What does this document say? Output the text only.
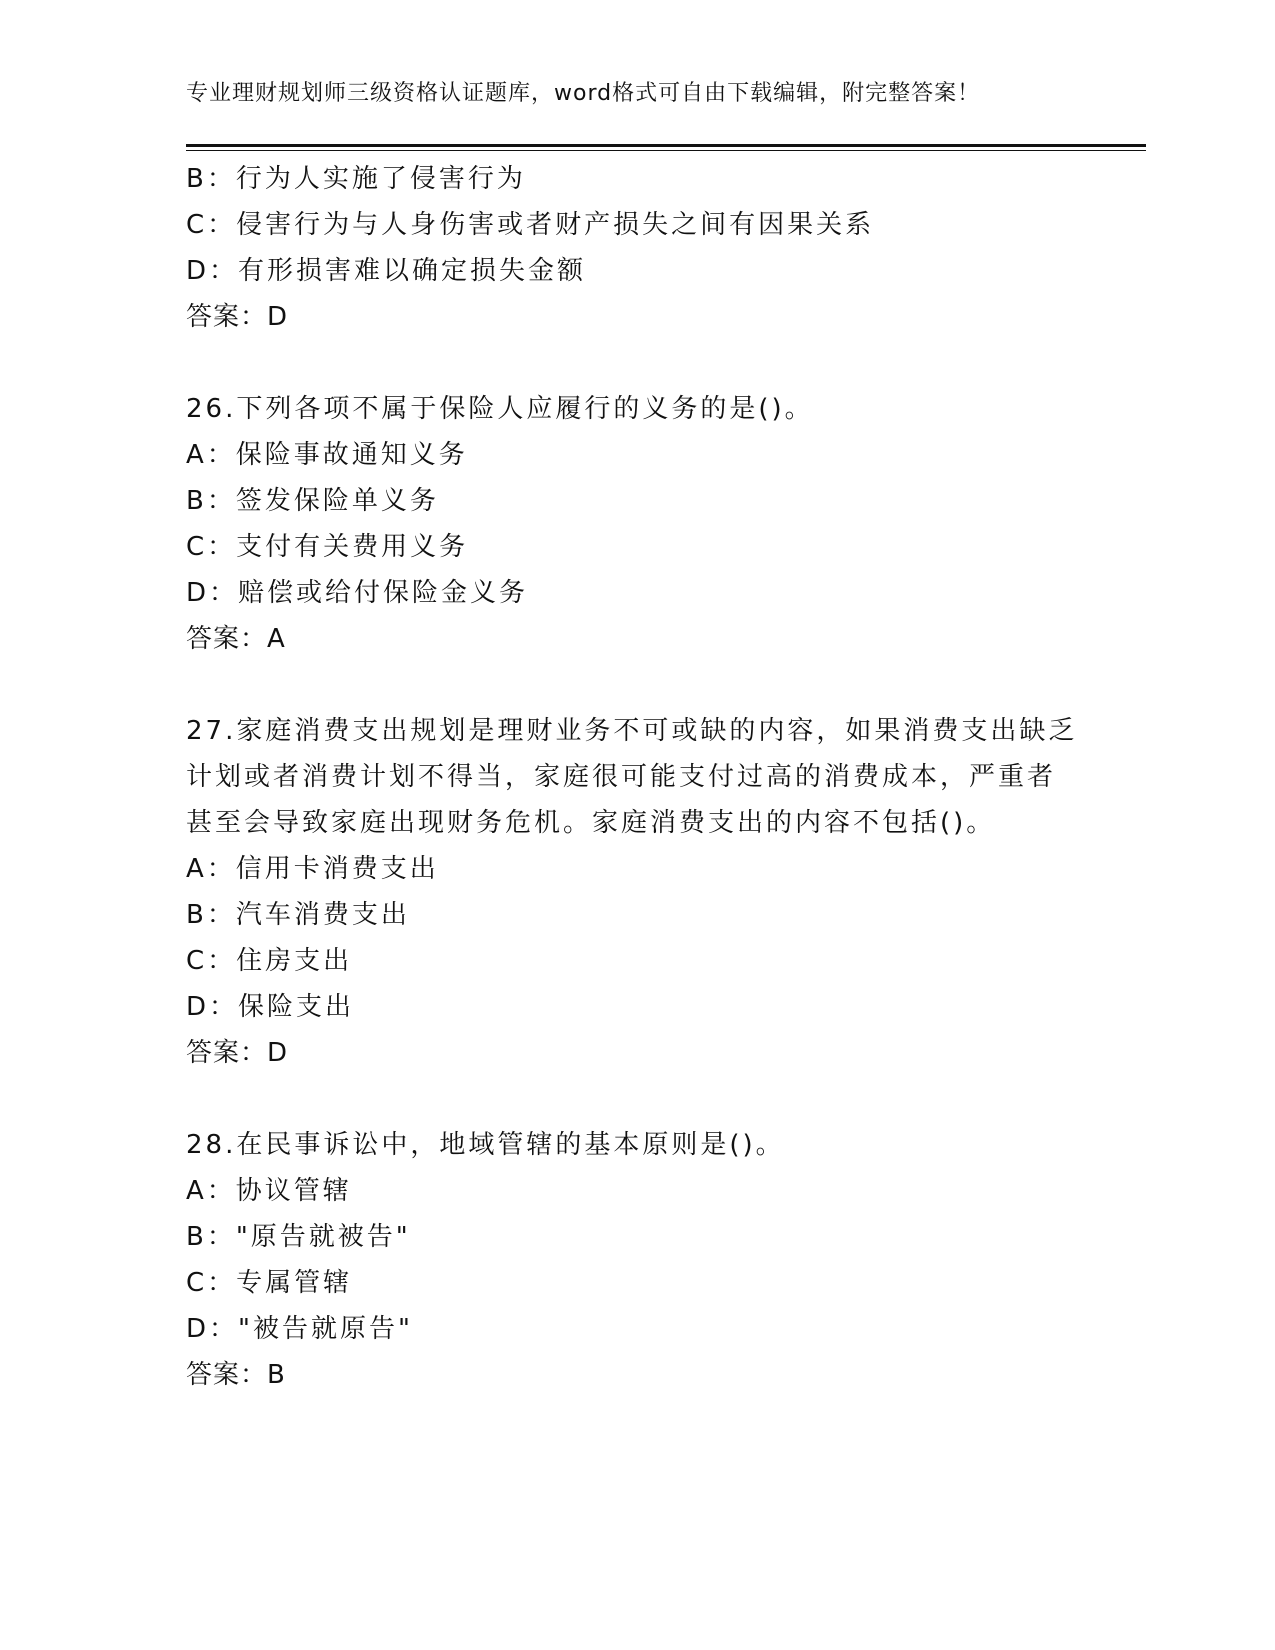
专业理财规划师三级资格认证题库，word格式可自由下载编辑，附完整答案！
B：行为人实施了侵害行为
C：侵害行为与人身伤害或者财产损失之间有因果关系
D：有形损害难以确定损失金额
答案：D
26.下列各项不属于保险人应履行的义务的是()。
A：保险事故通知义务
B：签发保险单义务
C：支付有关费用义务
D：赔偿或给付保险金义务
答案：A
27.家庭消费支出规划是理财业务不可或缺的内容，如果消费支出缺乏
计划或者消费计划不得当，家庭很可能支付过高的消费成本，严重者
甚至会导致家庭出现财务危机。家庭消费支出的内容不包括()。
A：信用卡消费支出
B：汽车消费支出
C：住房支出
D：保险支出
答案：D
28.在民事诉讼中，地域管辖的基本原则是()。
A：协议管辖
B："原告就被告"
C：专属管辖
D："被告就原告"
答案：B
